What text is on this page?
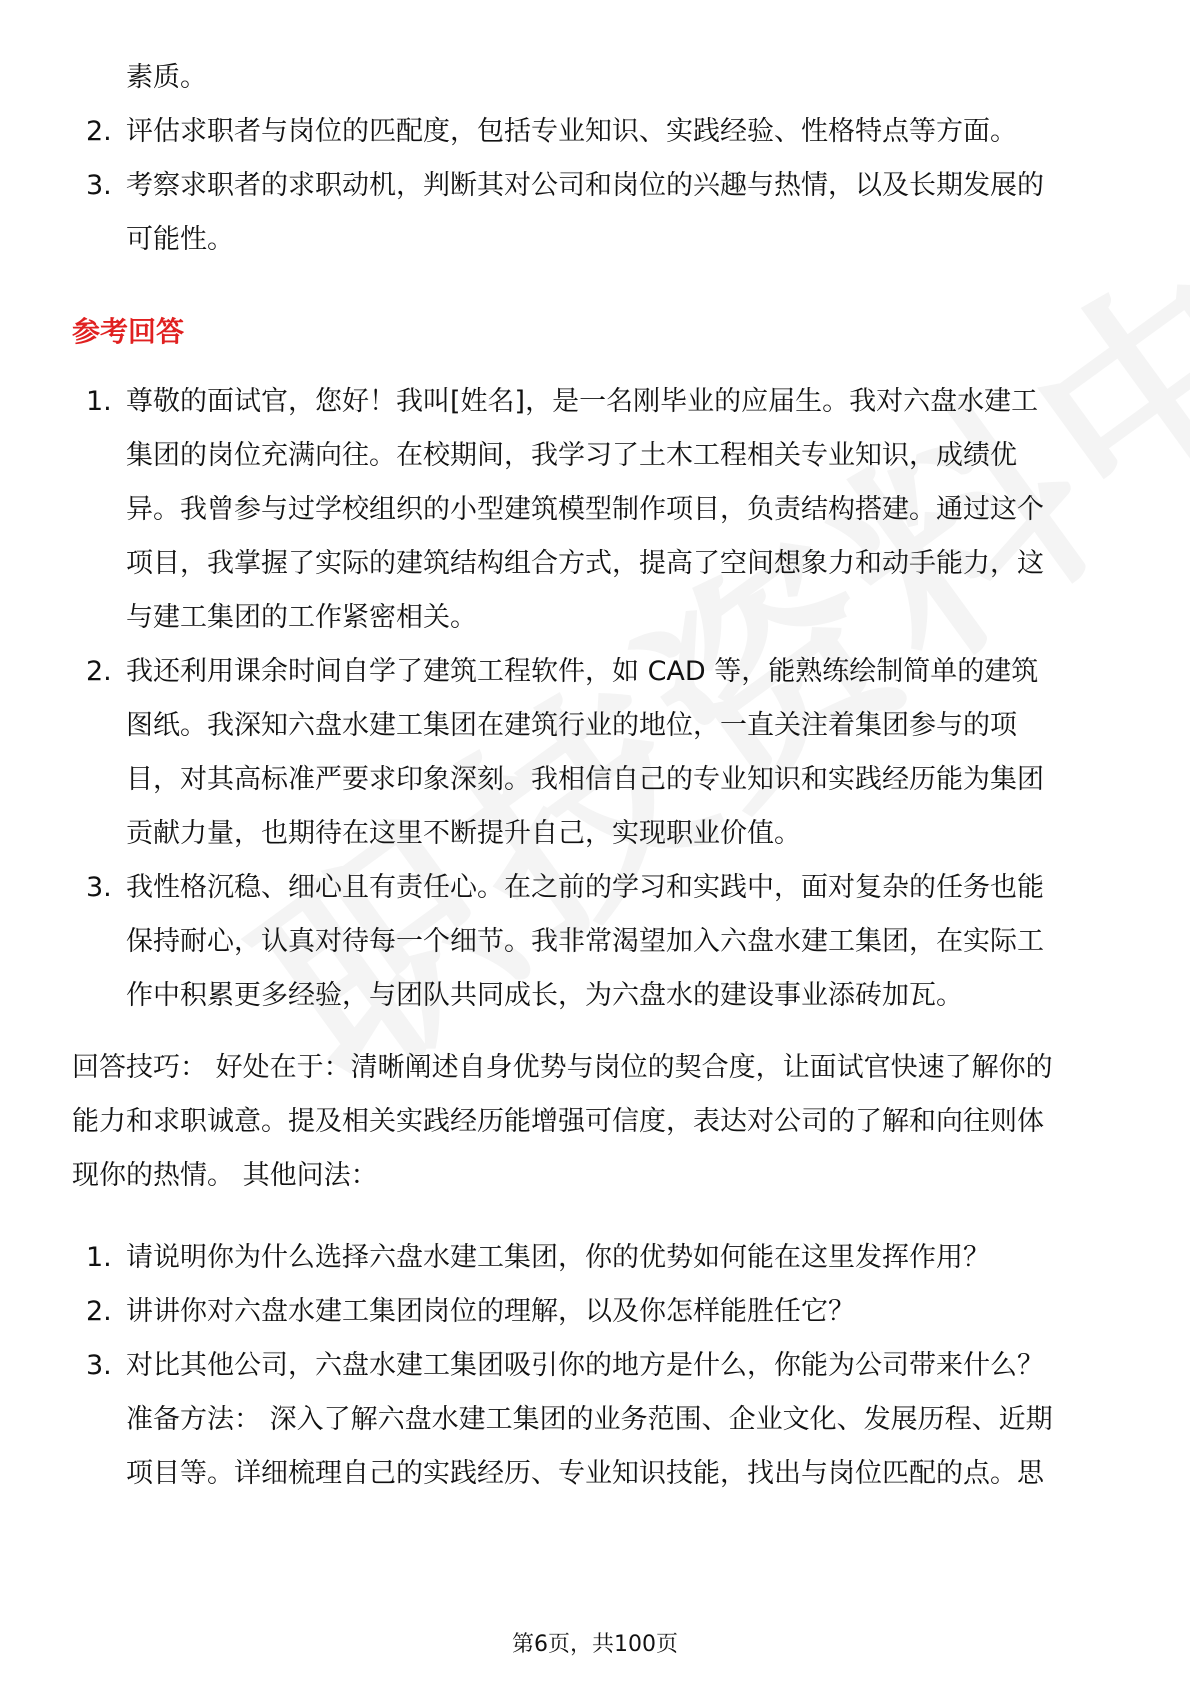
素质。
2. 评估求职者与岗位的匹配度，包括专业知识、实践经验、性格特点等方面。
3. 考察求职者的求职动机，判断其对公司和岗位的兴趣与热情，以及长期发展的
可能性。
参考回答
1. 尊敬的面试官，您好！我叫[姓名]，是一名刚毕业的应届生。我对六盘水建工
集团的岗位充满向往。在校期间，我学习了土木工程相关专业知识，成绩优
异。我曾参与过学校组织的小型建筑模型制作项目，负责结构搭建。通过这个
项目，我掌握了实际的建筑结构组合方式，提高了空间想象力和动手能力，这
与建工集团的工作紧密相关。
2. 我还利用课余时间自学了建筑工程软件，如 CAD 等，能熟练绘制简单的建筑
图纸。我深知六盘水建工集团在建筑行业的地位，一直关注着集团参与的项
目，对其高标准严要求印象深刻。我相信自己的专业知识和实践经历能为集团
贡献力量，也期待在这里不断提升自己，实现职业价值。
3. 我性格沉稳、细心且有责任心。在之前的学习和实践中，面对复杂的任务也能
保持耐心，认真对待每一个细节。我非常渴望加入六盘水建工集团，在实际工
作中积累更多经验，与团队共同成长，为六盘水的建设事业添砖加瓦。
回答技巧： 好处在于：清晰阐述自身优势与岗位的契合度，让面试官快速了解你的
能力和求职诚意。提及相关实践经历能增强可信度，表达对公司的了解和向往则体
现你的热情。 其他问法：
1. 请说明你为什么选择六盘水建工集团，你的优势如何能在这里发挥作用？
2. 讲讲你对六盘水建工集团岗位的理解，以及你怎样能胜任它？
3. 对比其他公司，六盘水建工集团吸引你的地方是什么，你能为公司带来什么？
准备方法： 深入了解六盘水建工集团的业务范围、企业文化、发展历程、近期
项目等。详细梳理自己的实践经历、专业知识技能，找出与岗位匹配的点。思
第6页，共100页
